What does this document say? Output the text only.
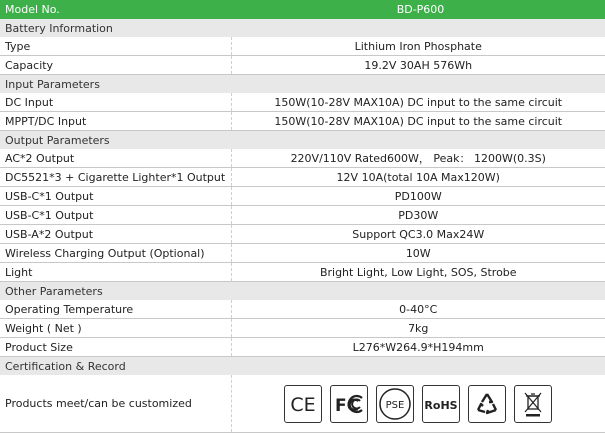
Model No.	BD-P600
Battery Information	
Type	Lithium Iron Phosphate
Capacity	19.2V 30AH 576Wh
Input Parameters	
DC Input	150W(10-28V MAX10A) DC input to the same circuit
MPPT/DC Input	150W(10-28V MAX10A) DC input to the same circuit
Output Parameters	
AC*2 Output	220V/110V Rated600W， Peak： 1200W(0.3S)
DC5521*3 + Cigarette Lighter*1 Output	12V 10A(total 10A Max120W)
USB-C*1 Output	PD100W
USB-C*1 Output	PD30W
USB-A*2 Output	Support QC3.0 Max24W
Wireless Charging Output (Optional)	10W
Light	Bright Light, Low Light, SOS, Strobe
Other Parameters	
Operating Temperature	0-40°C
Weight ( Net )	7kg
Product Size	L276*W264.9*H194mm
Certification & Record	
Products meet/can be customized	CE FC PSE RoHS
